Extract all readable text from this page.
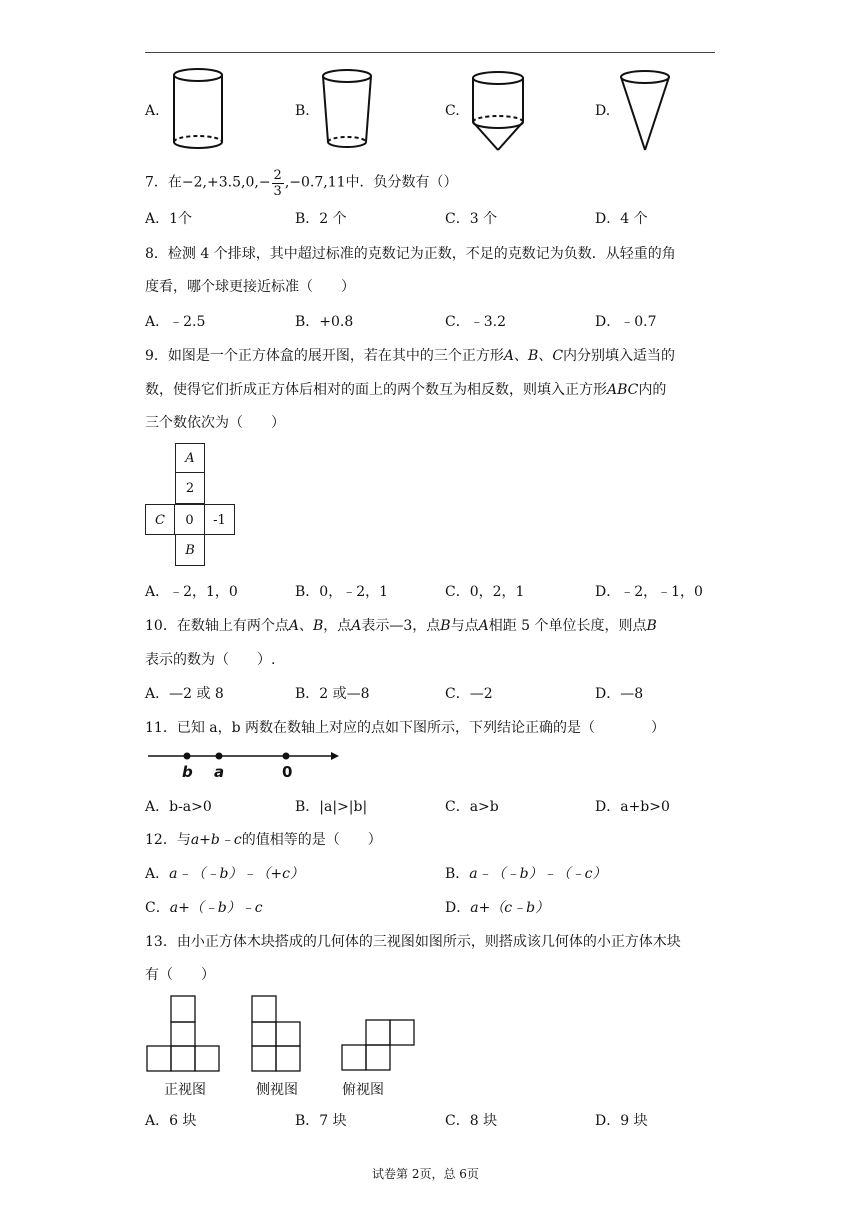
A.	B.	C.	D.
7．在$-2,+3.5,0,- \frac{2}{3} ,-0.7,11$中．负分数有（）
A．1个	B．2 个	C．3 个	D．4 个
8．检测 4 个排球，其中超过标准的克数记为正数，不足的克数记为负数．从轻重的角
度看，哪个球更接近标准（　　）
A．﹣2.5	B．+0.8	C．﹣3.2	D．﹣0.7
9．如图是一个正方体盒的展开图，若在其中的三个正方形A、B、C内分别填入适当的
数，使得它们折成正方体后相对的面上的两个数互为相反数，则填入正方形ABC内的
三个数依次为（　　）
A
2
C	0	-1
B
A．﹣2，1，0	B．0，﹣2，1	C．0，2，1	D．﹣2，﹣1，0
10．在数轴上有两个点A、B，点A表示—3，点B与点A相距 5 个单位长度，则点B
表示的数为（　　）.
A．—2 或 8	B．2 或—8	C．—2	D．—8
11．已知 a，b 两数在数轴上对应的点如下图所示，下列结论正确的是（　　　　）
b a	0
A．b-a>0	B．|a|>|b|	C．a>b	D．a+b>0
12．与a+b﹣c的值相等的是（　　）
A．a﹣（﹣b）﹣（+c）	B．a﹣（﹣b）﹣（﹣c）
C．a+（﹣b）﹣c	D．a+（c﹣b）
13．由小正方体木块搭成的几何体的三视图如图所示，则搭成该几何体的小正方体木块
有（　　）
正视图	侧视图	俯视图
A．6 块	B．7 块	C．8 块	D．9 块
试卷第 2页，总 6页
